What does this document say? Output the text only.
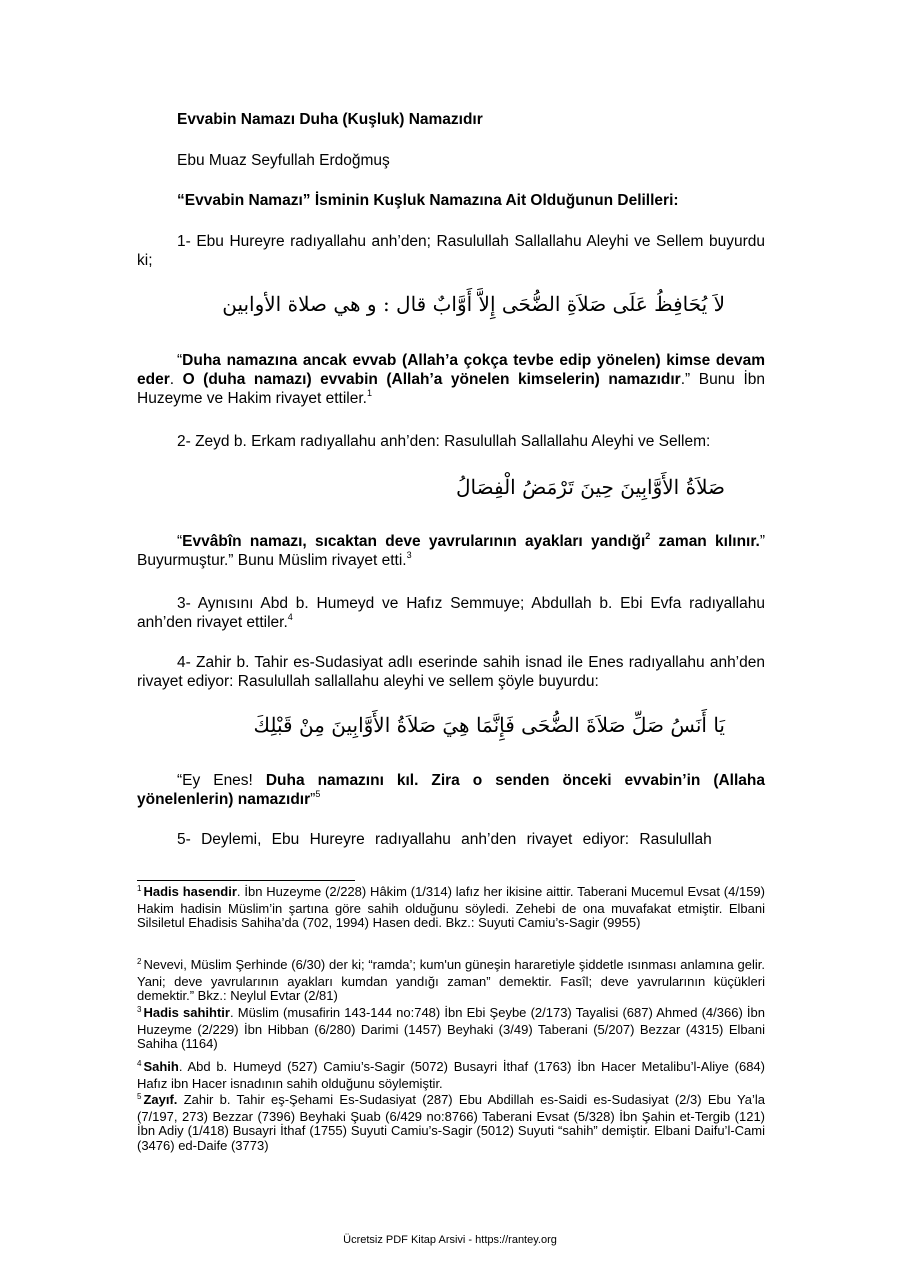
Evvabin Namazı Duha (Kuşluk) Namazıdır

Ebu Muaz Seyfullah Erdoğmuş

“Evvabin Namazı” İsminin Kuşluk Namazına Ait Olduğunun Delilleri:

1- Ebu Hureyre radıyallahu anh’den; Rasulullah Sallallahu Aleyhi ve Sellem buyurdu ki;

لاَ يُحَافِظُ عَلَى صَلاَةِ الضُّحَى إِلاَّ أَوَّابٌ قال : و هي صلاة الأوابين

“Duha namazına ancak evvab (Allah’a çokça tevbe edip yönelen) kimse devam eder. O (duha namazı) evvabin (Allah’a yönelen kimselerin) namazıdır.” Bunu İbn Huzeyme ve Hakim rivayet ettiler.$^1$

2- Zeyd b. Erkam radıyallahu anh’den: Rasulullah Sallallahu Aleyhi ve Sellem:

صَلاَةُ الأَوَّابِينَ حِينَ تَرْمَضُ الْفِصَالُ

“Evvâbîn namazı, sıcaktan deve yavrularının ayakları yandığı$^2$ zaman kılınır.” Buyurmuştur.” Bunu Müslim rivayet etti.$^3$

3- Aynısını Abd b. Humeyd ve Hafız Semmuye; Abdullah b. Ebi Evfa radıyallahu anh’den rivayet ettiler.$^4$

4- Zahir b. Tahir es-Sudasiyat adlı eserinde sahih isnad ile Enes radıyallahu anh’den rivayet ediyor: Rasulullah sallallahu aleyhi ve sellem şöyle buyurdu:

يَا أَنَسُ صَلِّ صَلاَةَ الضُّحَى فَإِنَّمَا هِيَ صَلاَةُ الأَوَّابِينَ مِنْ قَبْلِكَ

“Ey Enes! Duha namazını kıl. Zira o senden önceki evvabin’in (Allaha yönelenlerin) namazıdır”$^5$

5- Deylemi, Ebu Hureyre radıyallahu anh’den rivayet ediyor: Rasulullah

$^1$ Hadis hasendir. İbn Huzeyme (2/228) Hâkim (1/314) lafız her ikisine aittir. Taberani Mucemul Evsat (4/159) Hakim hadisin Müslim’in şartına göre sahih olduğunu söyledi. Zehebi de ona muvafakat etmiştir. Elbani Silsiletul Ehadisis Sahiha’da (702, 1994) Hasen dedi. Bkz.: Suyuti Camiu’s-Sagir (9955)

$^2$ Nevevi, Müslim Şerhinde (6/30) der ki; “ramda’; kum'un güneşin hararetiyle şiddetle ısınması anlamına gelir. Yani; deve yavrularının ayakları kumdan yandığı zaman” demektir. Fasîl; deve yavrularının küçükleri demektir.” Bkz.: Neylul Evtar (2/81)

$^3$ Hadis sahihtir. Müslim (musafirin 143-144 no:748) İbn Ebi Şeybe (2/173) Tayalisi (687) Ahmed (4/366) İbn Huzeyme (2/229) İbn Hibban (6/280) Darimi (1457) Beyhaki (3/49) Taberani (5/207) Bezzar (4315) Elbani Sahiha (1164)

$^4$ Sahih. Abd b. Humeyd (527) Camiu’s-Sagir (5072) Busayri İthaf (1763) İbn Hacer Metalibu’l-Aliye (684) Hafız ibn Hacer isnadının sahih olduğunu söylemiştir.

$^5$ Zayıf. Zahir b. Tahir eş-Şehami Es-Sudasiyat (287) Ebu Abdillah es-Saidi es-Sudasiyat (2/3) Ebu Ya’la (7/197, 273) Bezzar (7396) Beyhaki Şuab (6/429 no:8766) Taberani Evsat (5/328) İbn Şahin et-Tergib (121) İbn Adiy (1/418) Busayri İthaf (1755) Suyuti Camiu’s-Sagir (5012) Suyuti “sahih” demiştir. Elbani Daifu’l-Cami (3476) ed-Daife (3773)

Ücretsiz PDF Kitap Arsivi - https://rantey.org
